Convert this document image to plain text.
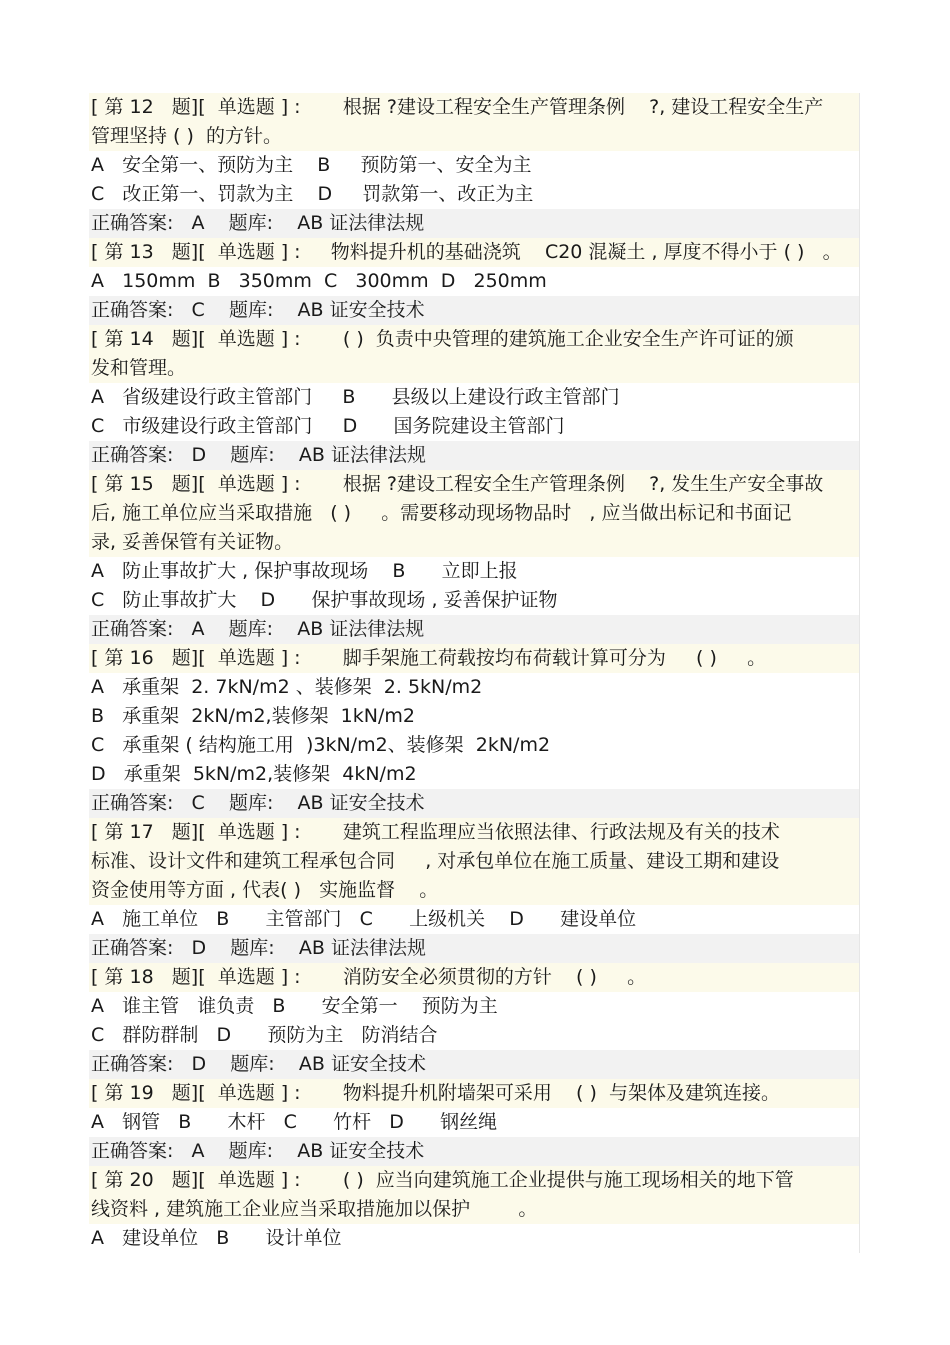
[ 第 12   题][  单选题 ] :       根据 ?建设工程安全生产管理条例    ?, 建设工程安全生产
管理坚持 ( )  的方针。
A   安全第一、预防为主    B     预防第一、安全为主
C   改正第一、罚款为主    D     罚款第一、改正为主
正确答案:   A    题库:    AB 证法律法规
[ 第 13   题][  单选题 ] :     物料提升机的基础浇筑    C20 混凝土 , 厚度不得小于 ( )   。
A   150mm  B   350mm  C   300mm  D   250mm
正确答案:   C    题库:    AB 证安全技术
[ 第 14   题][  单选题 ] :       ( )  负责中央管理的建筑施工企业安全生产许可证的颁
发和管理。
A   省级建设行政主管部门     B      县级以上建设行政主管部门
C   市级建设行政主管部门     D      国务院建设主管部门
正确答案:   D    题库:    AB 证法律法规
[ 第 15   题][  单选题 ] :       根据 ?建设工程安全生产管理条例    ?, 发生生产安全事故
后, 施工单位应当采取措施   ( )     。需要移动现场物品时   , 应当做出标记和书面记
录, 妥善保管有关证物。
A   防止事故扩大 , 保护事故现场    B      立即上报
C   防止事故扩大    D      保护事故现场 , 妥善保护证物
正确答案:   A    题库:    AB 证法律法规
[ 第 16   题][  单选题 ] :       脚手架施工荷载按均布荷载计算可分为     ( )     。
A   承重架  2. 7kN/m2 、装修架  2. 5kN/m2
B   承重架  2kN/m2,装修架  1kN/m2
C   承重架 ( 结构施工用  )3kN/m2、装修架  2kN/m2
D   承重架  5kN/m2,装修架  4kN/m2
正确答案:   C    题库:    AB 证安全技术
[ 第 17   题][  单选题 ] :       建筑工程监理应当依照法律、行政法规及有关的技术
标准、设计文件和建筑工程承包合同     , 对承包单位在施工质量、建设工期和建设
资金使用等方面 , 代表( )   实施监督    。
A   施工单位   B      主管部门   C      上级机关    D      建设单位
正确答案:   D    题库:    AB 证法律法规
[ 第 18   题][  单选题 ] :       消防安全必须贯彻的方针    ( )     。
A   谁主管   谁负责   B      安全第一    预防为主
C   群防群制   D      预防为主   防消结合
正确答案:   D    题库:    AB 证安全技术
[ 第 19   题][  单选题 ] :       物料提升机附墙架可采用    ( )  与架体及建筑连接。
A   钢管   B      木杆   C      竹杆   D      钢丝绳
正确答案:   A    题库:    AB 证安全技术
[ 第 20   题][  单选题 ] :       ( )  应当向建筑施工企业提供与施工现场相关的地下管
线资料 , 建筑施工企业应当采取措施加以保护        。
A   建设单位   B      设计单位
